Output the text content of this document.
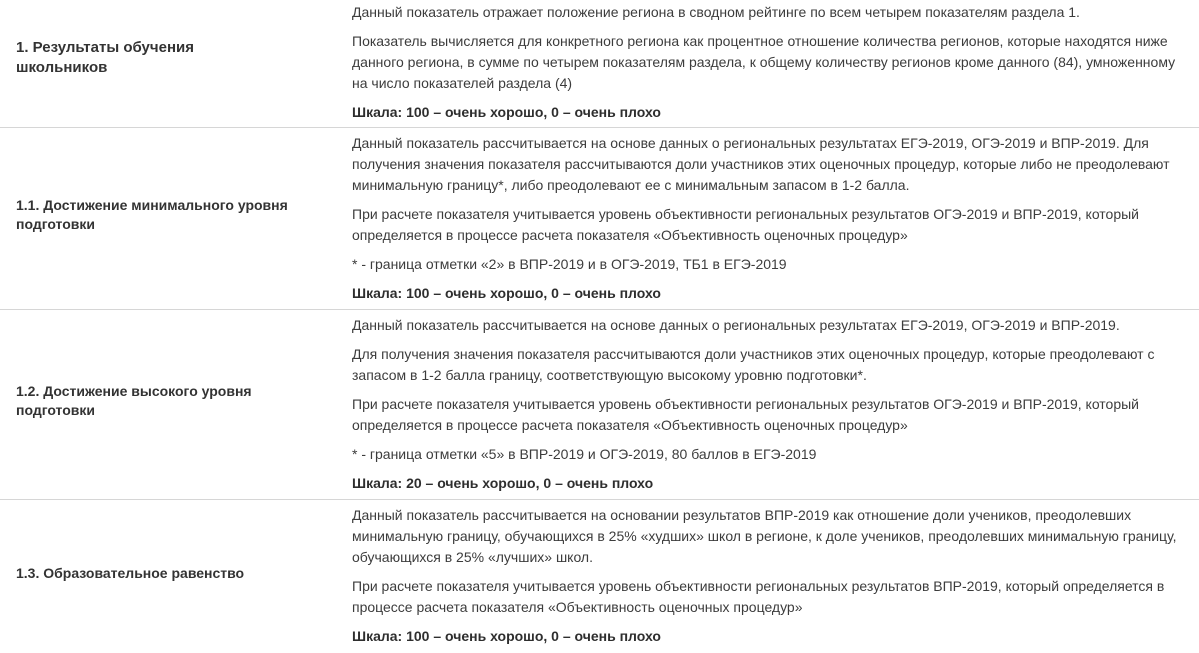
1. Результаты обучения школьников

Данный показатель отражает положение региона в сводном рейтинге по всем четырем показателям раздела 1.

Показатель вычисляется для конкретного региона как процентное отношение количества регионов, которые находятся ниже данного региона, в сумме по четырем показателям раздела, к общему количеству регионов кроме данного (84), умноженному на число показателей раздела (4)

Шкала: 100 – очень хорошо, 0 – очень плохо

1.1. Достижение минимального уровня подготовки

Данный показатель рассчитывается на основе данных о региональных результатах ЕГЭ-2019, ОГЭ-2019 и ВПР-2019. Для получения значения показателя рассчитываются доли участников этих оценочных процедур, которые либо не преодолевают минимальную границу*, либо преодолевают ее с минимальным запасом в 1-2 балла.

При расчете показателя учитывается уровень объективности региональных результатов ОГЭ-2019 и ВПР-2019, который определяется в процессе расчета показателя «Объективность оценочных процедур»

* - граница отметки «2» в ВПР-2019 и в ОГЭ-2019, ТБ1 в ЕГЭ-2019

Шкала: 100 – очень хорошо, 0 – очень плохо

1.2. Достижение высокого уровня подготовки

Данный показатель рассчитывается на основе данных о региональных результатах ЕГЭ-2019, ОГЭ-2019 и ВПР-2019.

Для получения значения показателя рассчитываются доли участников этих оценочных процедур, которые преодолевают с запасом в 1-2 балла границу, соответствующую высокому уровню подготовки*.

При расчете показателя учитывается уровень объективности региональных результатов ОГЭ-2019 и ВПР-2019, который определяется в процессе расчета показателя «Объективность оценочных процедур»

* - граница отметки «5» в ВПР-2019 и ОГЭ-2019, 80 баллов в ЕГЭ-2019

Шкала: 20 – очень хорошо, 0 – очень плохо

1.3. Образовательное равенство

Данный показатель рассчитывается на основании результатов ВПР-2019 как отношение доли учеников, преодолевших минимальную границу, обучающихся в 25% «худших» школ в регионе, к доле учеников, преодолевших минимальную границу, обучающихся в 25% «лучших» школ.

При расчете показателя учитывается уровень объективности региональных результатов ВПР-2019, который определяется в процессе расчета показателя «Объективность оценочных процедур»

Шкала: 100 – очень хорошо, 0 – очень плохо
